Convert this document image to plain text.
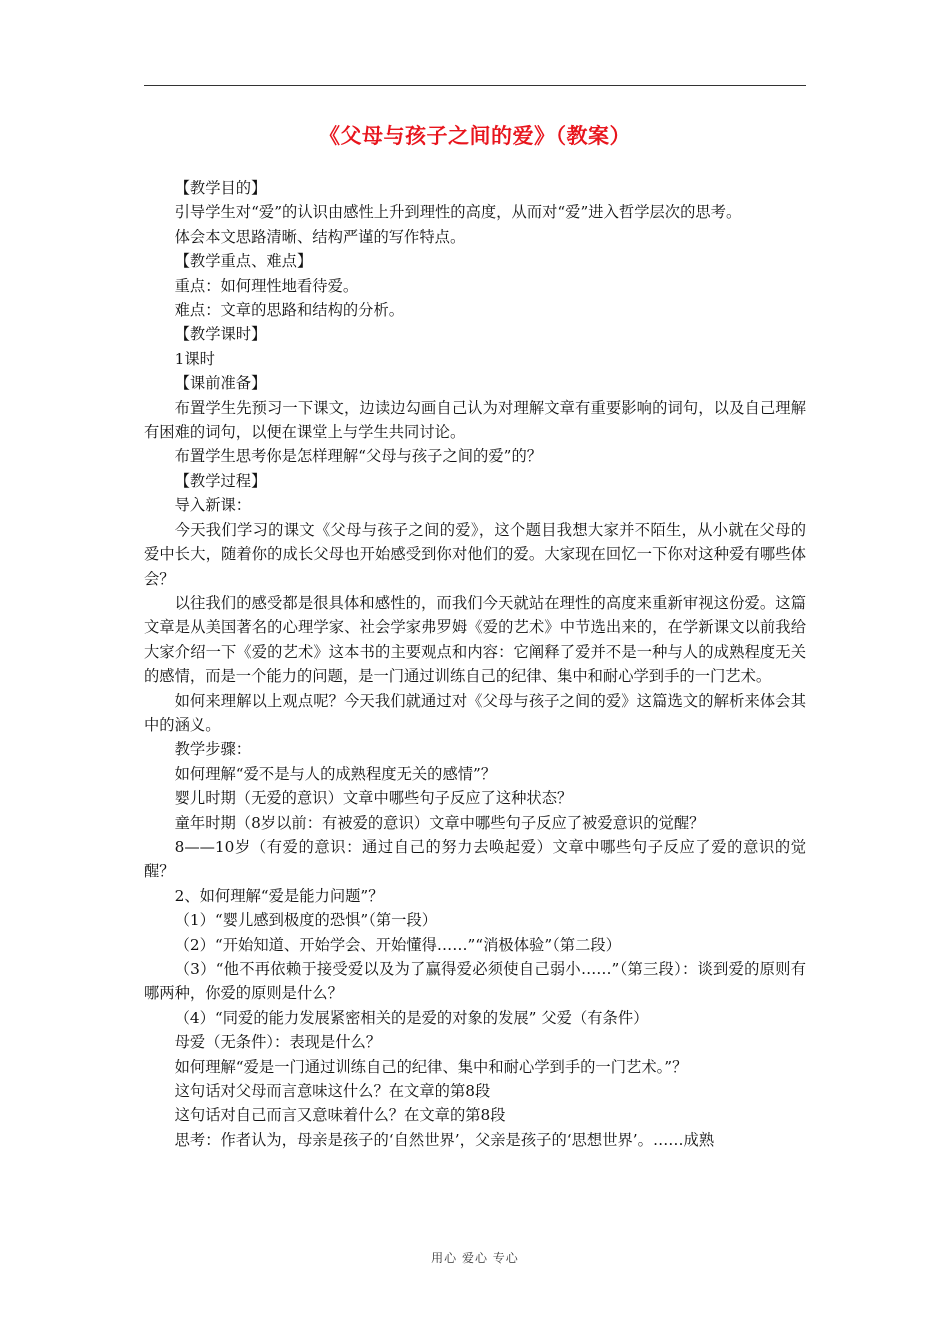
《父母与孩子之间的爱》（教案）

【教学目的】

引导学生对“爱”的认识由感性上升到理性的高度，从而对“爱”进入哲学层次的思考。

体会本文思路清晰、结构严谨的写作特点。

【教学重点、难点】

重点：如何理性地看待爱。

难点：文章的思路和结构的分析。

【教学课时】

1课时

【课前准备】

布置学生先预习一下课文，边读边勾画自己认为对理解文章有重要影响的词句，以及自己理解有困难的词句，以便在课堂上与学生共同讨论。

布置学生思考你是怎样理解“父母与孩子之间的爱”的？

【教学过程】

导入新课：

今天我们学习的课文《父母与孩子之间的爱》，这个题目我想大家并不陌生，从小就在父母的爱中长大，随着你的成长父母也开始感受到你对他们的爱。大家现在回忆一下你对这种爱有哪些体会？

以往我们的感受都是很具体和感性的，而我们今天就站在理性的高度来重新审视这份爱。这篇文章是从美国著名的心理学家、社会学家弗罗姆《爱的艺术》中节选出来的，在学新课文以前我给大家介绍一下《爱的艺术》这本书的主要观点和内容：它阐释了爱并不是一种与人的成熟程度无关的感情，而是一个能力的问题，是一门通过训练自己的纪律、集中和耐心学到手的一门艺术。

如何来理解以上观点呢？今天我们就通过对《父母与孩子之间的爱》这篇选文的解析来体会其中的涵义。

教学步骤：

如何理解“爱不是与人的成熟程度无关的感情”？

婴儿时期（无爱的意识）文章中哪些句子反应了这种状态？

童年时期（8岁以前：有被爱的意识）文章中哪些句子反应了被爱意识的觉醒？

8——10岁（有爱的意识：通过自己的努力去唤起爱）文章中哪些句子反应了爱的意识的觉醒？

2、如何理解“爱是能力问题”？

（1）“婴儿感到极度的恐惧”（第一段）

（2）“开始知道、开始学会、开始懂得……”“消极体验”（第二段）

（3）“他不再依赖于接受爱以及为了赢得爱必须使自己弱小……”（第三段）：谈到爱的原则有哪两种，你爱的原则是什么？

（4）“同爱的能力发展紧密相关的是爱的对象的发展” 父爱（有条件）

母爱（无条件）：表现是什么？

如何理解“爱是一门通过训练自己的纪律、集中和耐心学到手的一门艺术。”？

这句话对父母而言意味这什么？在文章的第8段

这句话对自己而言又意味着什么？在文章的第8段

思考：作者认为，母亲是孩子的‘自然世界’，父亲是孩子的‘思想世界’。……成熟

用心 爱心 专心
